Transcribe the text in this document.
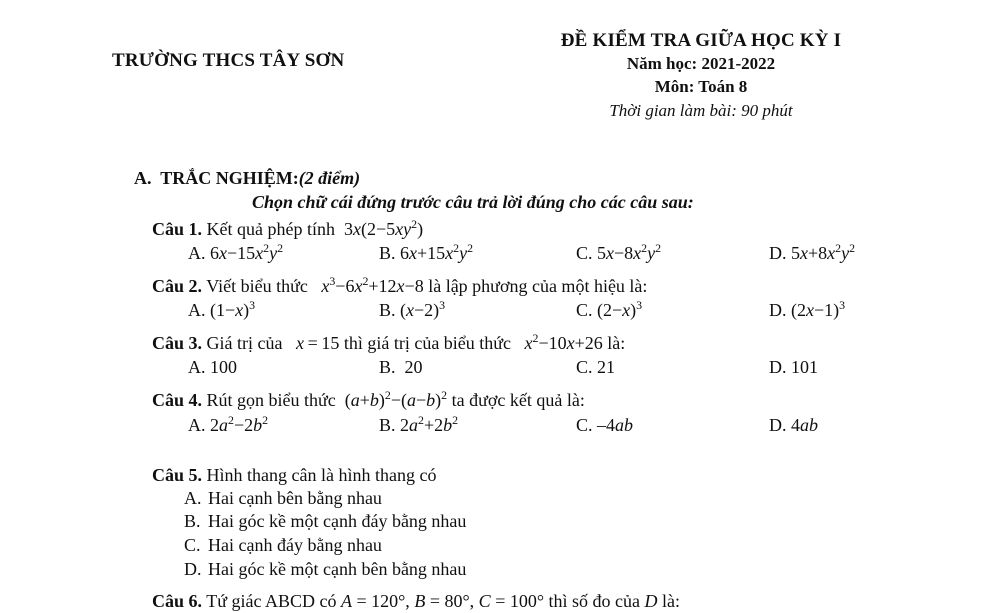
TRƯỜNG THCS TÂY SƠN
ĐỀ KIỂM TRA GIỮA HỌC KỲ I
Năm học: 2021-2022
Môn: Toán 8
Thời gian làm bài: 90 phút
A. TRẮC NGHIỆM:(2 điểm)
Chọn chữ cái đứng trước câu trả lời đúng cho các câu sau:
Câu 1. Kết quả phép tính  $3x(2-5xy^2)$
A. $6x-15x^2y^2$	B. $6x+15x^2y^2$	C. $5x-8x^2y^2$	D. $5x+8x^2y^2$
Câu 2. Viết biểu thức $x^3-6x^2+12x-8$ là lập phương của một hiệu là:
A. $(1-x)^3$	B. $(x-2)^3$	C. $(2-x)^3$	D. $(2x-1)^3$
Câu 3. Giá trị của x = 15 thì giá trị của biểu thức $x^2-10x+26$ là:
A. 100	B. 20	C. 21	D. 101
Câu 4. Rút gọn biểu thức  $(a+b)^2-(a-b)^2$ ta được kết quả là:
A. $2a^2-2b^2$	B. $2a^2+2b^2$	C. –4ab	D. 4ab
Câu 5. Hình thang cân là hình thang có
A. Hai cạnh bên bằng nhau
B. Hai góc kề một cạnh đáy bằng nhau
C. Hai cạnh đáy bằng nhau
D. Hai góc kề một cạnh bên bằng nhau
Câu 6. Tứ giác ABCD có ^ A = 120°, ^ B = 80°, ^ C = 100° thì số đo của ^ D là:
